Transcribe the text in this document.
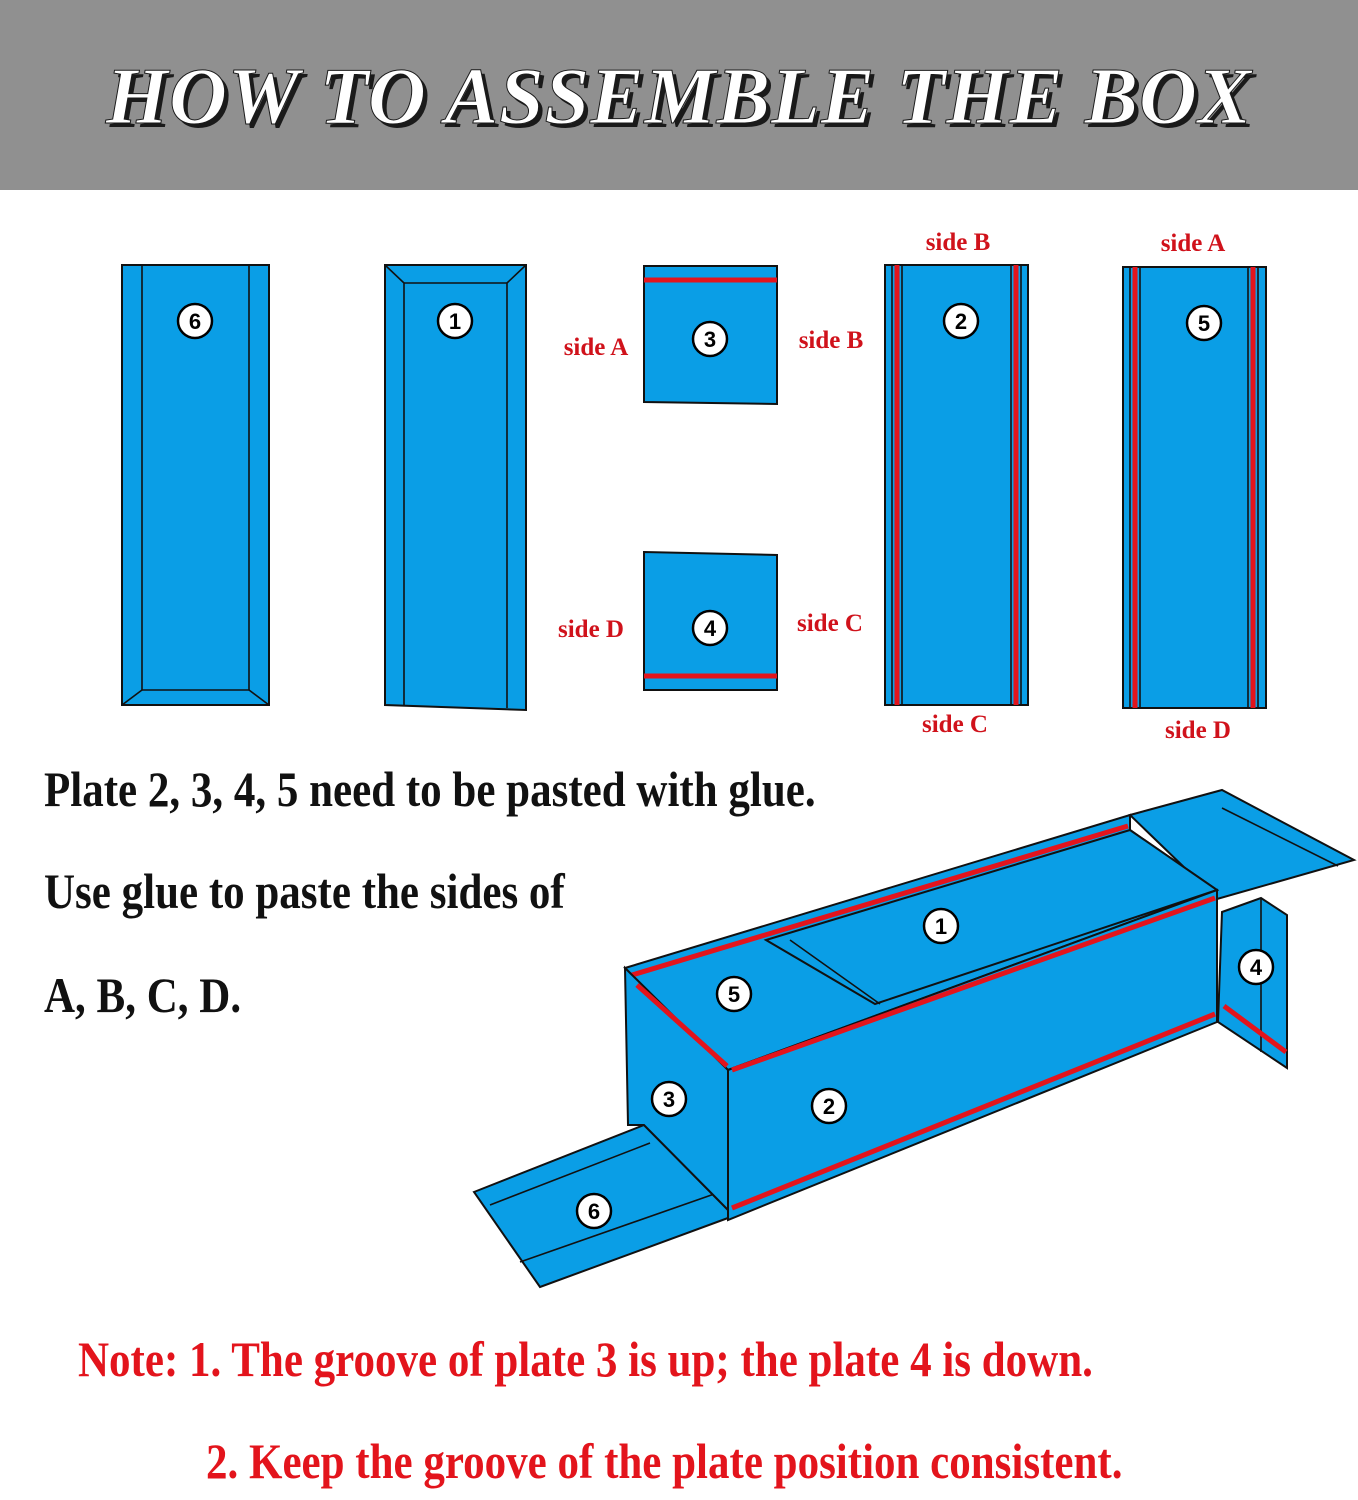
HOW TO ASSEMBLE THE BOX
side B	side A
side A	side B
side D	side C
side C	side D
6	1
3
4
2	5
1
4
5
3	2
6

Plate 2, 3, 4, 5 need to be pasted with glue.

Use glue to paste the sides of

A, B, C, D.

Note: 1. The groove of plate 3 is up; the plate 4 is down.

2. Keep the groove of the plate position consistent.
